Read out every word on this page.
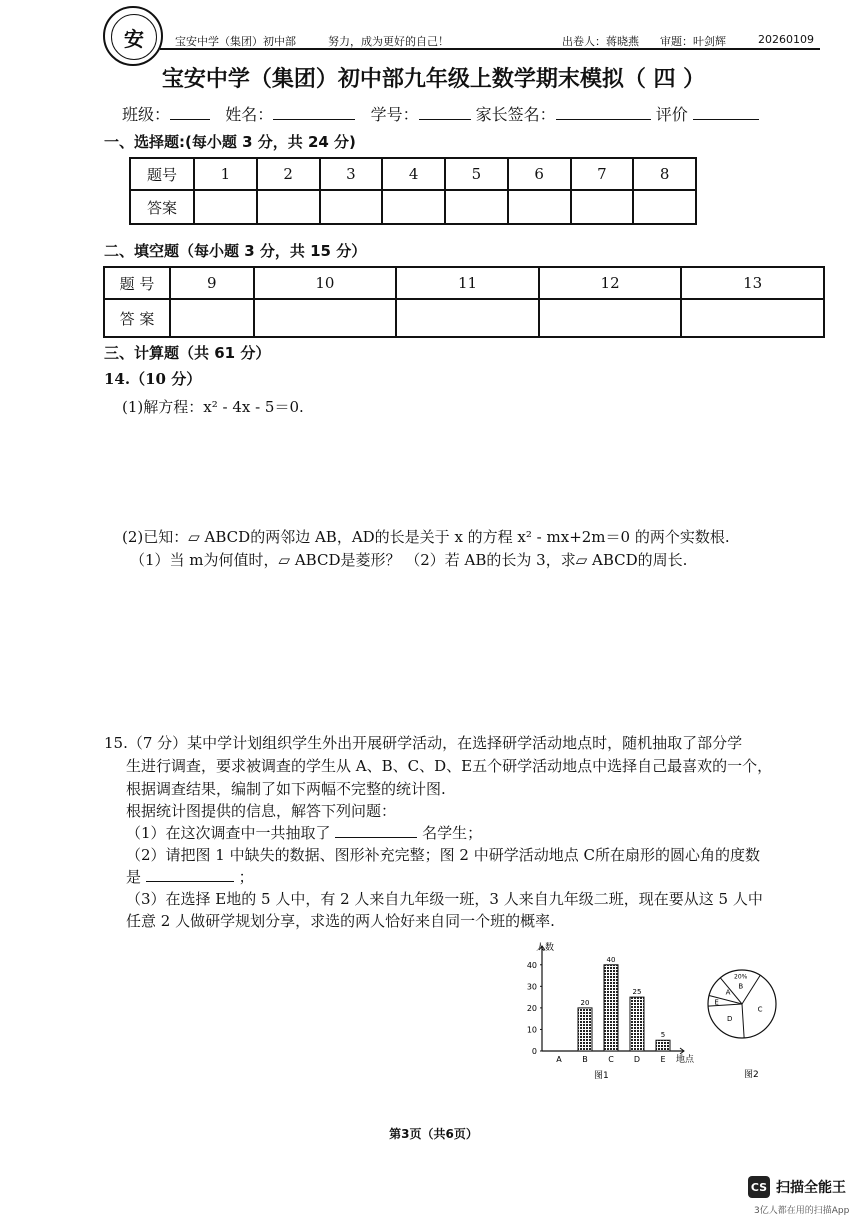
安	宝安中学（集团）初中部	努力，成为更好的自己！	出卷人：蒋晓燕 审题：叶剑辉	20260109
宝安中学（集团）初中部九年级上数学期末模拟（ 四 ）
班级：	姓名：	学号：	家长签名：	评价
一、选择题:(每小题 3 分，共 24 分)
题号	1	2	3	4	5	6	7	8
答案								
二、填空题（每小题 3 分，共 15 分）
题 号	9	10	11	12	13
答 案					
三、计算题（共 61 分）
14.（10 分）
(1)解方程：x² - 4x - 5＝0.
(2)已知：▱ ABCD的两邻边 AB，AD的长是关于 x 的方程 x² - mx+2m＝0 的两个实数根.
（1）当 m为何值时，▱ ABCD是菱形？ （2）若 AB的长为 3，求▱ ABCD的周长.
15.（7 分）某中学计划组织学生外出开展研学活动，在选择研学活动地点时，随机抽取了部分学
生进行调查，要求被调查的学生从 A、B、C、D、E五个研学活动地点中选择自己最喜欢的一个，
根据调查结果，编制了如下两幅不完整的统计图.
根据统计图提供的信息，解答下列问题：
（1）在这次调查中一共抽取了	名学生；
（2）请把图 1 中缺失的数据、图形补充完整；图 2 中研学活动地点 C所在扇形的圆心角的度数
是	；
（3）在选择 E地的 5 人中，有 2 人来自九年级一班，3 人来自九年级二班，现在要从这 5 人中
任意 2 人做研学规划分享，求选的两人恰好来自同一个班的概率.
0
10
20
30
40
A
20
B
40
C
25
D
5
E
人数
地点
图1
A
B
C
D
E
20%
图2
第3页（共6页）
CS 扫描全能王
3亿人都在用的扫描App
